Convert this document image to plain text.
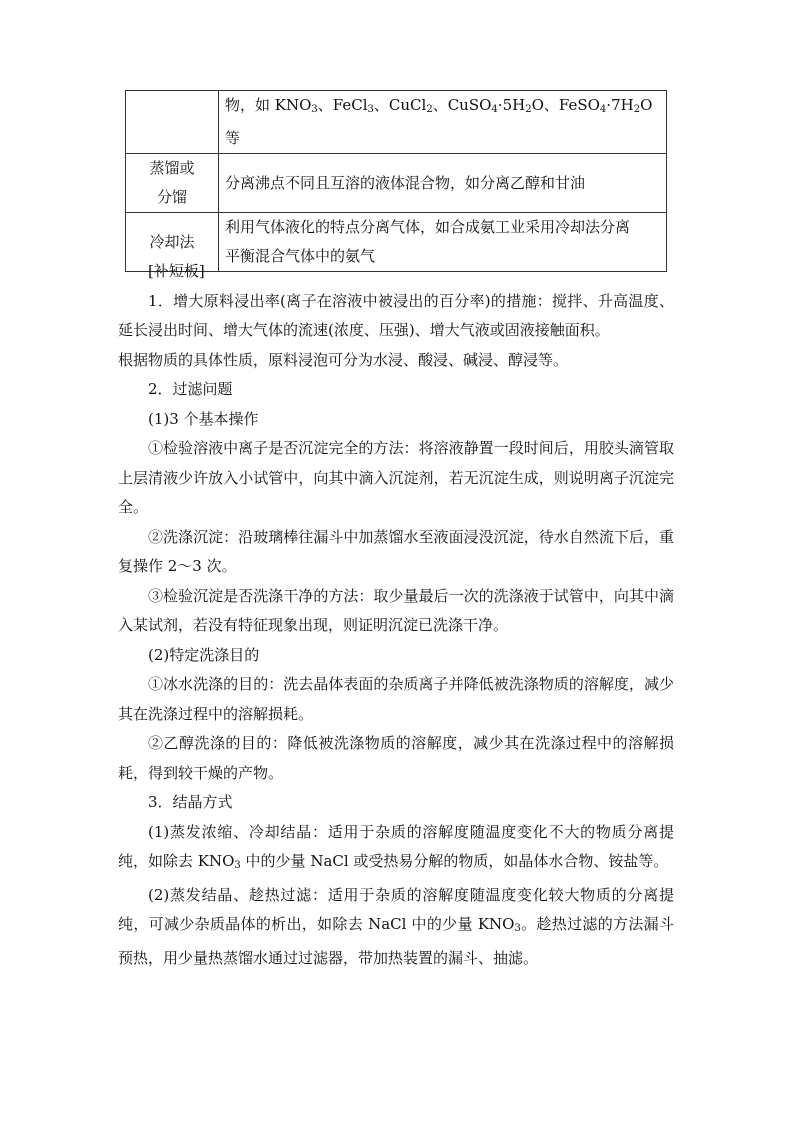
	物，如 $KNO_3$、FeCl$_3$、CuCl$_2$、$CuSO_4\cdot 5H_2O$、$FeSO_4\cdot 7H_2O$ 等

蒸馏或
分馏	分离沸点不同且互溶的液体混合物，如分离乙醇和甘油
冷却法	利用气体液化的特点分离气体，如合成氨工业采用冷却法分离
平衡混合气体中的氨气

[补短板]

1．增大原料浸出率(离子在溶液中被浸出的百分率)的措施：搅拌、升高温度、延长浸出时间、增大气体的流速(浓度、压强)、增大气液或固液接触面积。

根据物质的具体性质，原料浸泡可分为水浸、酸浸、碱浸、醇浸等。

2．过滤问题

(1)3 个基本操作

①检验溶液中离子是否沉淀完全的方法：将溶液静置一段时间后，用胶头滴管取上层清液少许放入小试管中，向其中滴入沉淀剂，若无沉淀生成，则说明离子沉淀完全。

②洗涤沉淀：沿玻璃棒往漏斗中加蒸馏水至液面浸没沉淀，待水自然流下后，重复操作 2～3 次。

③检验沉淀是否洗涤干净的方法：取少量最后一次的洗涤液于试管中，向其中滴入某试剂，若没有特征现象出现，则证明沉淀已洗涤干净。

(2)特定洗涤目的

①冰水洗涤的目的：洗去晶体表面的杂质离子并降低被洗涤物质的溶解度，减少其在洗涤过程中的溶解损耗。

②乙醇洗涤的目的：降低被洗涤物质的溶解度，减少其在洗涤过程中的溶解损耗，得到较干燥的产物。

3．结晶方式

(1)蒸发浓缩、冷却结晶：适用于杂质的溶解度随温度变化不大的物质分离提纯，如除去 $KNO_3$ 中的少量 NaCl 或受热易分解的物质，如晶体水合物、铵盐等。

(2)蒸发结晶、趁热过滤：适用于杂质的溶解度随温度变化较大物质的分离提纯，可减少杂质晶体的析出，如除去 NaCl 中的少量 $KNO_3$。趁热过滤的方法漏斗预热，用少量热蒸馏水通过过滤器，带加热装置的漏斗、抽滤。
